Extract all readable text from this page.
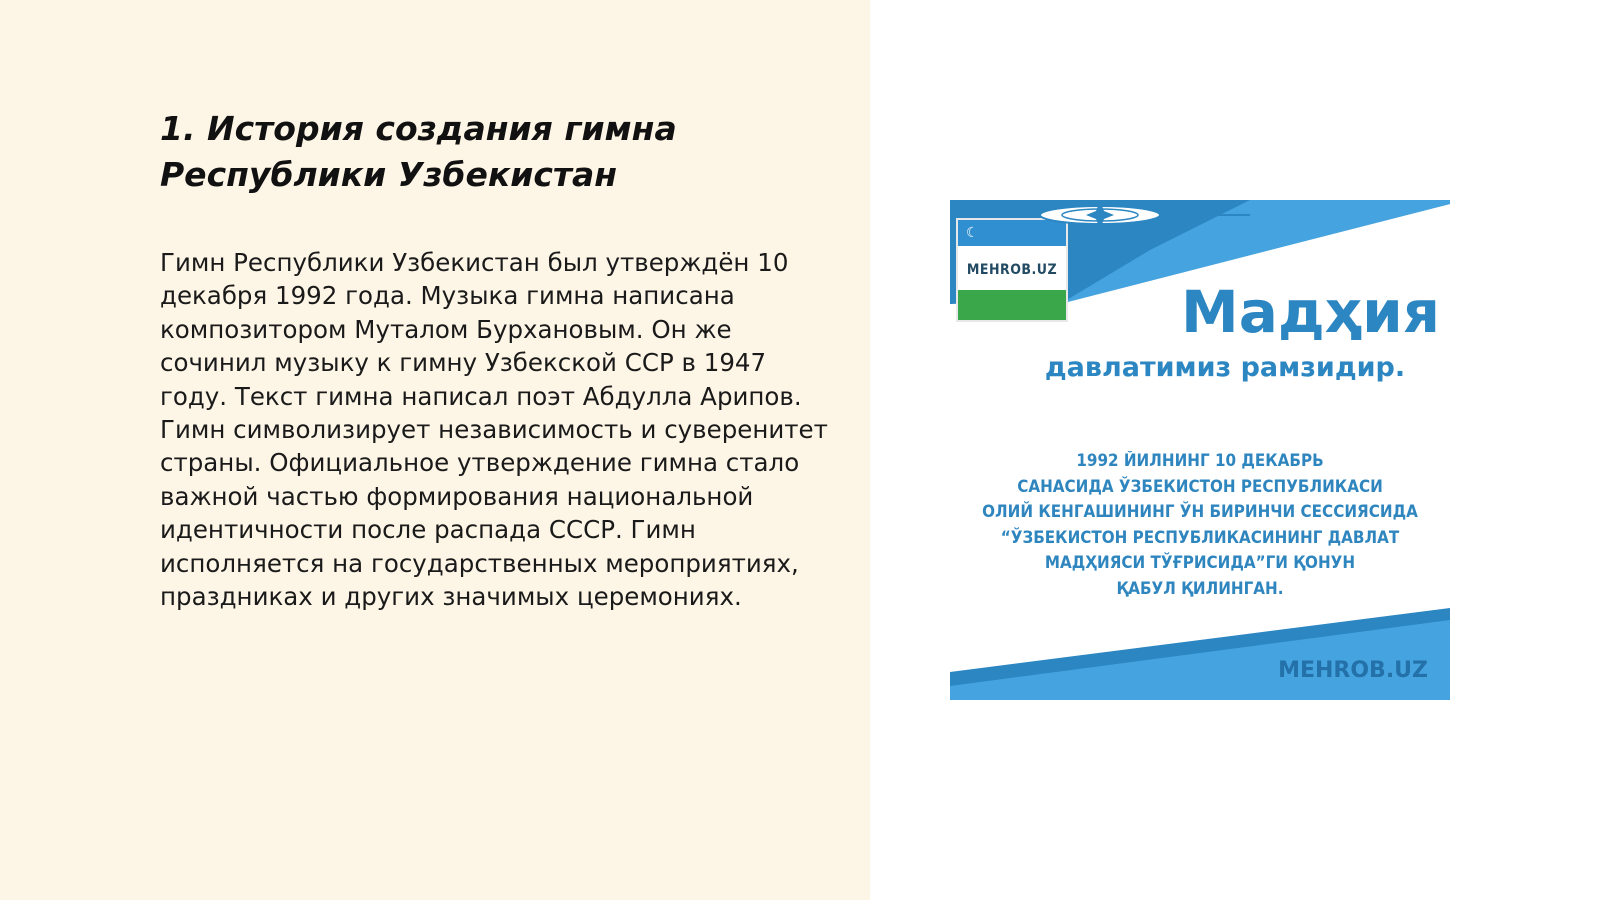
1. История создания гимна Республики Узбекистан

Гимн Республики Узбекистан был утверждён 10 декабря 1992 года. Музыка гимна написана композитором Муталом Бурхановым. Он же сочинил музыку к гимну Узбекской ССР в 1947 году. Текст гимна написал поэт Абдулла Арипов. Гимн символизирует независимость и суверенитет страны. Официальное утверждение гимна стало важной частью формирования национальной идентичности после распада СССР. Гимн исполняется на государственных мероприятиях, праздниках и других значимых церемониях.

☾
MEHROB.UZ
Мадҳия
давлатимиз рамзидир.
1992 ЙИЛНИНГ 10 ДЕКАБРЬ
САНАСИДА ЎЗБЕКИСТОН РЕСПУБЛИКАСИ
ОЛИЙ КЕНГАШИНИНГ ЎН БИРИНЧИ СЕССИЯСИДА
“ЎЗБЕКИСТОН РЕСПУБЛИКАСИНИНГ ДАВЛАТ
МАДҲИЯСИ ТЎҒРИСИДА”ГИ ҚОНУН
ҚАБУЛ ҚИЛИНГАН.
MEHROB.UZ
